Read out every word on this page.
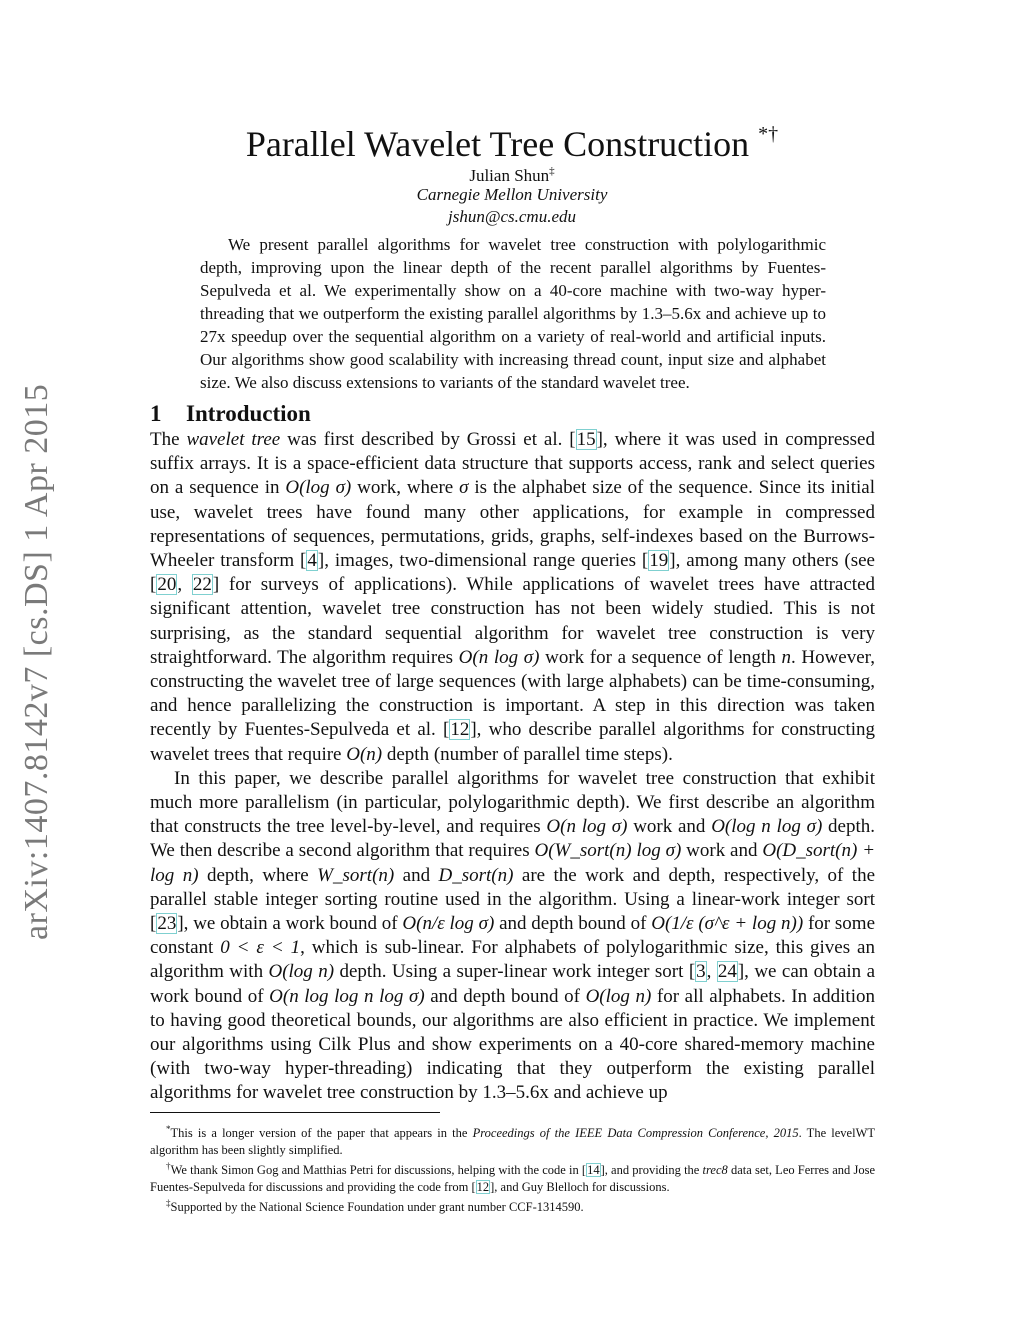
arXiv:1407.8142v7 [cs.DS] 1 Apr 2015
Parallel Wavelet Tree Construction *†
Julian Shun‡
Carnegie Mellon University
jshun@cs.cmu.edu
We present parallel algorithms for wavelet tree construction with polylogarithmic depth, improving upon the linear depth of the recent parallel algorithms by Fuentes-Sepulveda et al. We experimentally show on a 40-core machine with two-way hyper-threading that we outperform the existing parallel algorithms by 1.3–5.6x and achieve up to 27x speedup over the sequential algorithm on a variety of real-world and artificial inputs. Our algorithms show good scalability with increasing thread count, input size and alphabet size. We also discuss extensions to variants of the standard wavelet tree.
1 Introduction

The wavelet tree was first described by Grossi et al. [15], where it was used in compressed suffix arrays. It is a space-efficient data structure that supports access, rank and select queries on a sequence in O(log σ) work, where σ is the alphabet size of the sequence. Since its initial use, wavelet trees have found many other applications, for example in compressed representations of sequences, permutations, grids, graphs, self-indexes based on the Burrows-Wheeler transform [4], images, two-dimensional range queries [19], among many others (see [20, 22] for surveys of applications). While applications of wavelet trees have attracted significant attention, wavelet tree construction has not been widely studied. This is not surprising, as the standard sequential algorithm for wavelet tree construction is very straightforward. The algorithm requires O(n log σ) work for a sequence of length n. However, constructing the wavelet tree of large sequences (with large alphabets) can be time-consuming, and hence parallelizing the construction is important. A step in this direction was taken recently by Fuentes-Sepulveda et al. [12], who describe parallel algorithms for constructing wavelet trees that require O(n) depth (number of parallel time steps).

In this paper, we describe parallel algorithms for wavelet tree construction that exhibit much more parallelism (in particular, polylogarithmic depth). We first describe an algorithm that constructs the tree level-by-level, and requires O(n log σ) work and O(log n log σ) depth. We then describe a second algorithm that requires O(W_sort(n) log σ) work and O(D_sort(n) + log n) depth, where W_sort(n) and D_sort(n) are the work and depth, respectively, of the parallel stable integer sorting routine used in the algorithm. Using a linear-work integer sort [23], we obtain a work bound of O(n/ε log σ) and depth bound of O(1/ε (σ^ε + log n)) for some constant 0 < ε < 1, which is sub-linear. For alphabets of polylogarithmic size, this gives an algorithm with O(log n) depth. Using a super-linear work integer sort [3, 24], we can obtain a work bound of O(n log log n log σ) and depth bound of O(log n) for all alphabets. In addition to having good theoretical bounds, our algorithms are also efficient in practice. We implement our algorithms using Cilk Plus and show experiments on a 40-core shared-memory machine (with two-way hyper-threading) indicating that they outperform the existing parallel algorithms for wavelet tree construction by 1.3–5.6x and achieve up

*This is a longer version of the paper that appears in the Proceedings of the IEEE Data Compression Conference, 2015. The levelWT algorithm has been slightly simplified.

†We thank Simon Gog and Matthias Petri for discussions, helping with the code in [14], and providing the trec8 data set, Leo Ferres and Jose Fuentes-Sepulveda for discussions and providing the code from [12], and Guy Blelloch for discussions.

‡Supported by the National Science Foundation under grant number CCF-1314590.
